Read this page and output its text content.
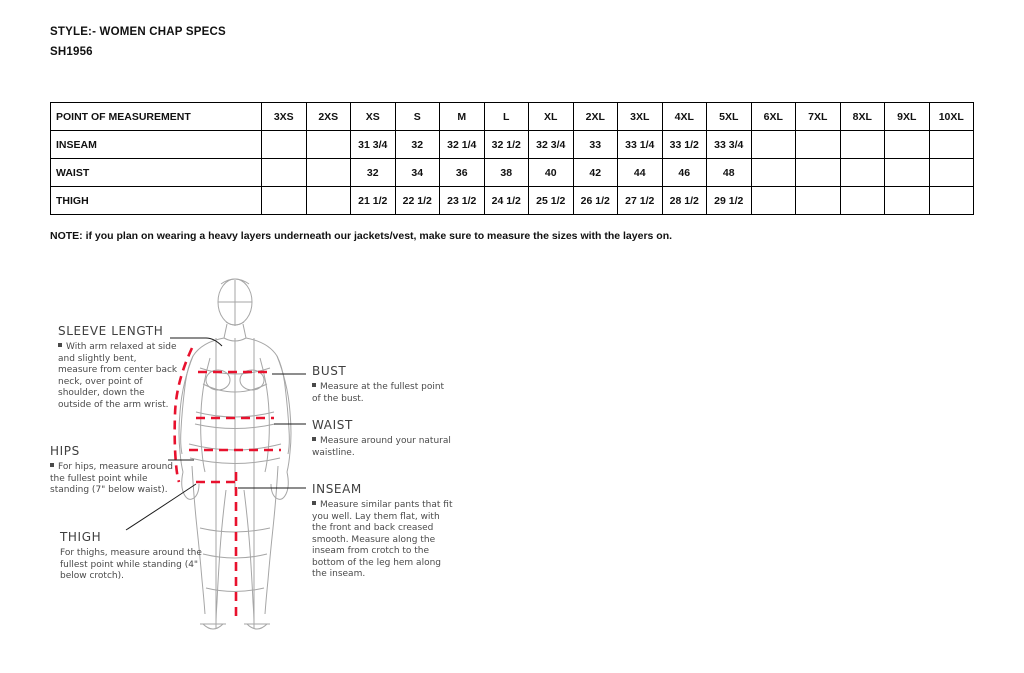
STYLE:- WOMEN CHAP SPECS
SH1956
POINT OF MEASUREMENT	3XS	2XS	XS	S	M	L	XL	2XL	3XL	4XL	5XL	6XL	7XL	8XL	9XL	10XL
INSEAM			31 3/4	32	32 1/4	32 1/2	32 3/4	33	33 1/4	33 1/2	33 3/4					
WAIST			32	34	36	38	40	42	44	46	48					
THIGH			21 1/2	22 1/2	23 1/2	24 1/2	25 1/2	26 1/2	27 1/2	28 1/2	29 1/2					
NOTE: if you plan on wearing a heavy layers underneath our jackets/vest, make sure to measure the sizes with the layers on.
SLEEVE LENGTH
With arm relaxed at side and slightly bent, measure from center back neck, over point of shoulder, down the outside of the arm wrist.
HIPS
For hips, measure around the fullest point while standing (7" below waist).
THIGH
For thighs, measure around the fullest point while standing (4" below crotch).
BUST
Measure at the fullest point of the bust.
WAIST
Measure around your natural waistline.
INSEAM
Measure similar pants that fit you well. Lay them flat, with the front and back creased smooth. Measure along the inseam from crotch to the bottom of the leg hem along the inseam.
